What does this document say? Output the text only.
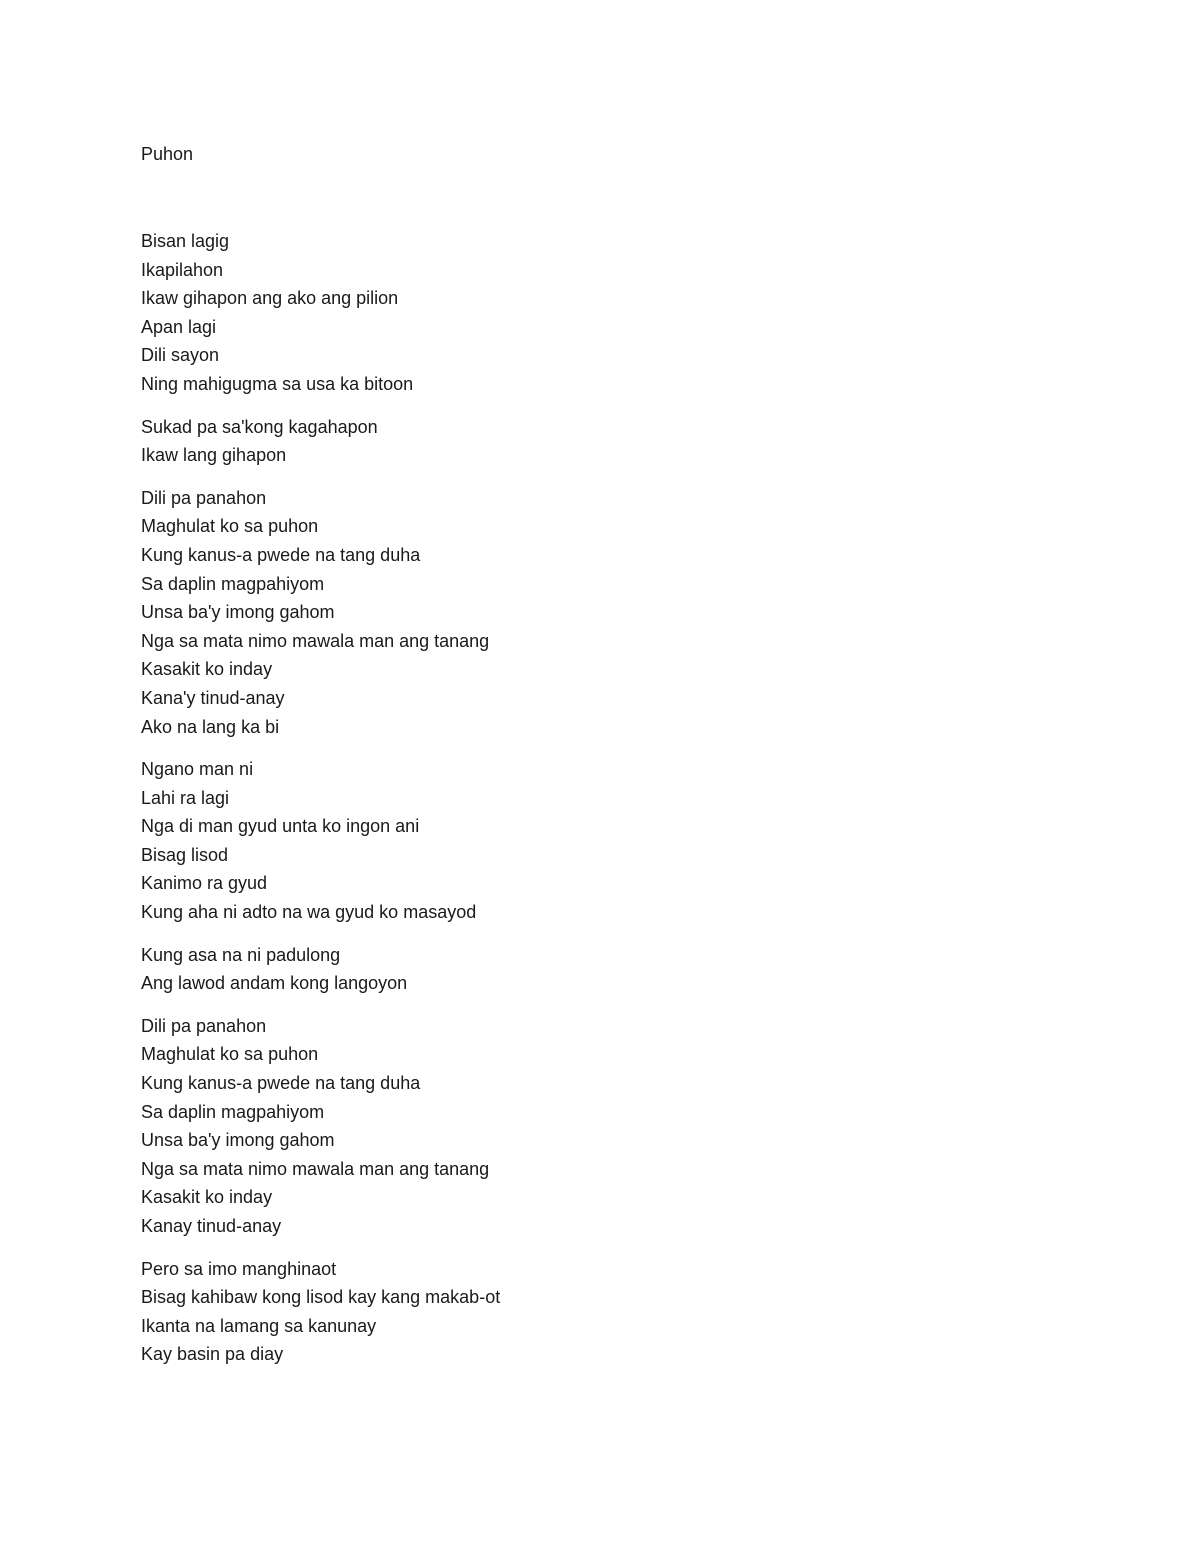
Puhon
Bisan lagig
Ikapilahon
Ikaw gihapon ang ako ang pilion
Apan lagi
Dili sayon
Ning mahigugma sa usa ka bitoon
Sukad pa sa'kong kagahapon
Ikaw lang gihapon
Dili pa panahon
Maghulat ko sa puhon
Kung kanus-a pwede na tang duha
Sa daplin magpahiyom
Unsa ba'y imong gahom
Nga sa mata nimo mawala man ang tanang
Kasakit ko inday
Kana'y tinud-anay
Ako na lang ka bi
Ngano man ni
Lahi ra lagi
Nga di man gyud unta ko ingon ani
Bisag lisod
Kanimo ra gyud
Kung aha ni adto na wa gyud ko masayod
Kung asa na ni padulong
Ang lawod andam kong langoyon
Dili pa panahon
Maghulat ko sa puhon
Kung kanus-a pwede na tang duha
Sa daplin magpahiyom
Unsa ba'y imong gahom
Nga sa mata nimo mawala man ang tanang
Kasakit ko inday
Kanay tinud-anay
Pero sa imo manghinaot
Bisag kahibaw kong lisod kay kang makab-ot
Ikanta na lamang sa kanunay
Kay basin pa diay
